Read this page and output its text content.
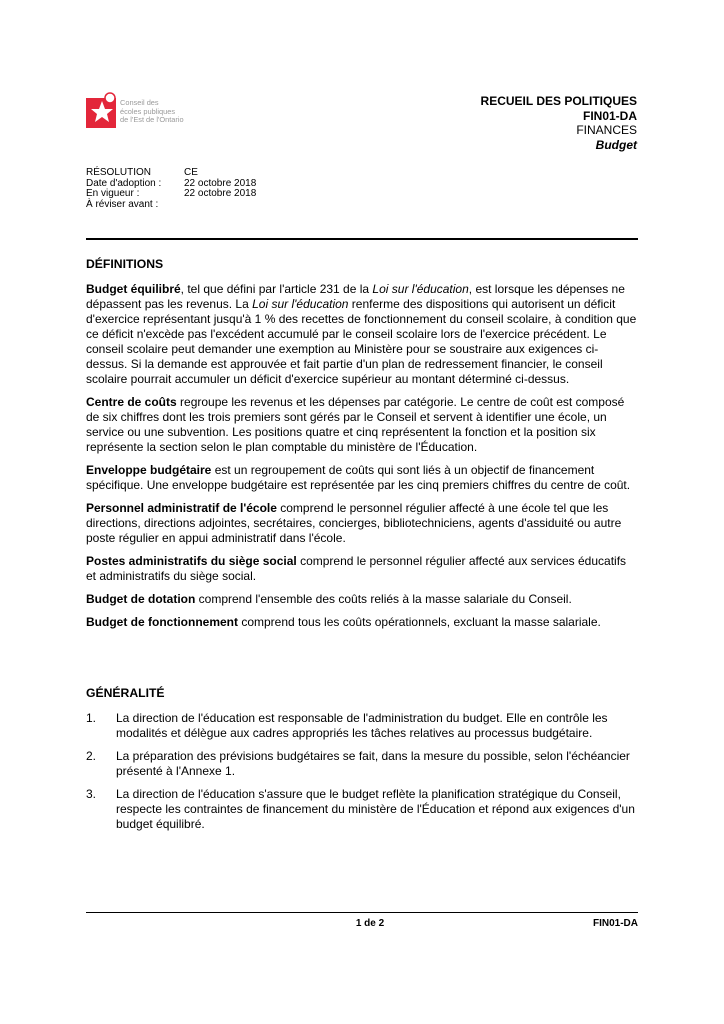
Conseil des
écoles publiques
de l'Est de l'Ontario
RECUEIL DES POLITIQUES
FIN01-DA
FINANCES
Budget
RÉSOLUTION	CE
Date d'adoption :	22 octobre 2018
En vigueur :	22 octobre 2018
À réviser avant :

DÉFINITIONS

Budget équilibré, tel que défini par l'article 231 de la Loi sur l'éducation, est lorsque les dépenses ne dépassent pas les revenus. La Loi sur l'éducation renferme des dispositions qui autorisent un déficit d'exercice représentant jusqu'à 1 % des recettes de fonctionnement du conseil scolaire, à condition que ce déficit n'excède pas l'excédent accumulé par le conseil scolaire lors de l'exercice précédent. Le conseil scolaire peut demander une exemption au Ministère pour se soustraire aux exigences ci-dessus. Si la demande est approuvée et fait partie d'un plan de redressement financier, le conseil scolaire pourrait accumuler un déficit d'exercice supérieur au montant déterminé ci-dessus.

Centre de coûts regroupe les revenus et les dépenses par catégorie. Le centre de coût est composé de six chiffres dont les trois premiers sont gérés par le Conseil et servent à identifier une école, un service ou une subvention. Les positions quatre et cinq représentent la fonction et la position six représente la section selon le plan comptable du ministère de l'Éducation.

Enveloppe budgétaire est un regroupement de coûts qui sont liés à un objectif de financement spécifique. Une enveloppe budgétaire est représentée par les cinq premiers chiffres du centre de coût.

Personnel administratif de l'école comprend le personnel régulier affecté à une école tel que les directions, directions adjointes, secrétaires, concierges, bibliotechniciens, agents d'assiduité ou autre poste régulier en appui administratif dans l'école.

Postes administratifs du siège social comprend le personnel régulier affecté aux services éducatifs et administratifs du siège social.

Budget de dotation comprend l'ensemble des coûts reliés à la masse salariale du Conseil.

Budget de fonctionnement comprend tous les coûts opérationnels, excluant la masse salariale.

GÉNÉRALITÉ

1.	La direction de l'éducation est responsable de l'administration du budget. Elle en contrôle les modalités et délègue aux cadres appropriés les tâches relatives au processus budgétaire.
2.	La préparation des prévisions budgétaires se fait, dans la mesure du possible, selon l'échéancier présenté à l'Annexe 1.
3.	La direction de l'éducation s'assure que le budget reflète la planification stratégique du Conseil, respecte les contraintes de financement du ministère de l'Éducation et répond aux exigences d'un budget équilibré.
1 de 2	FIN01-DA
